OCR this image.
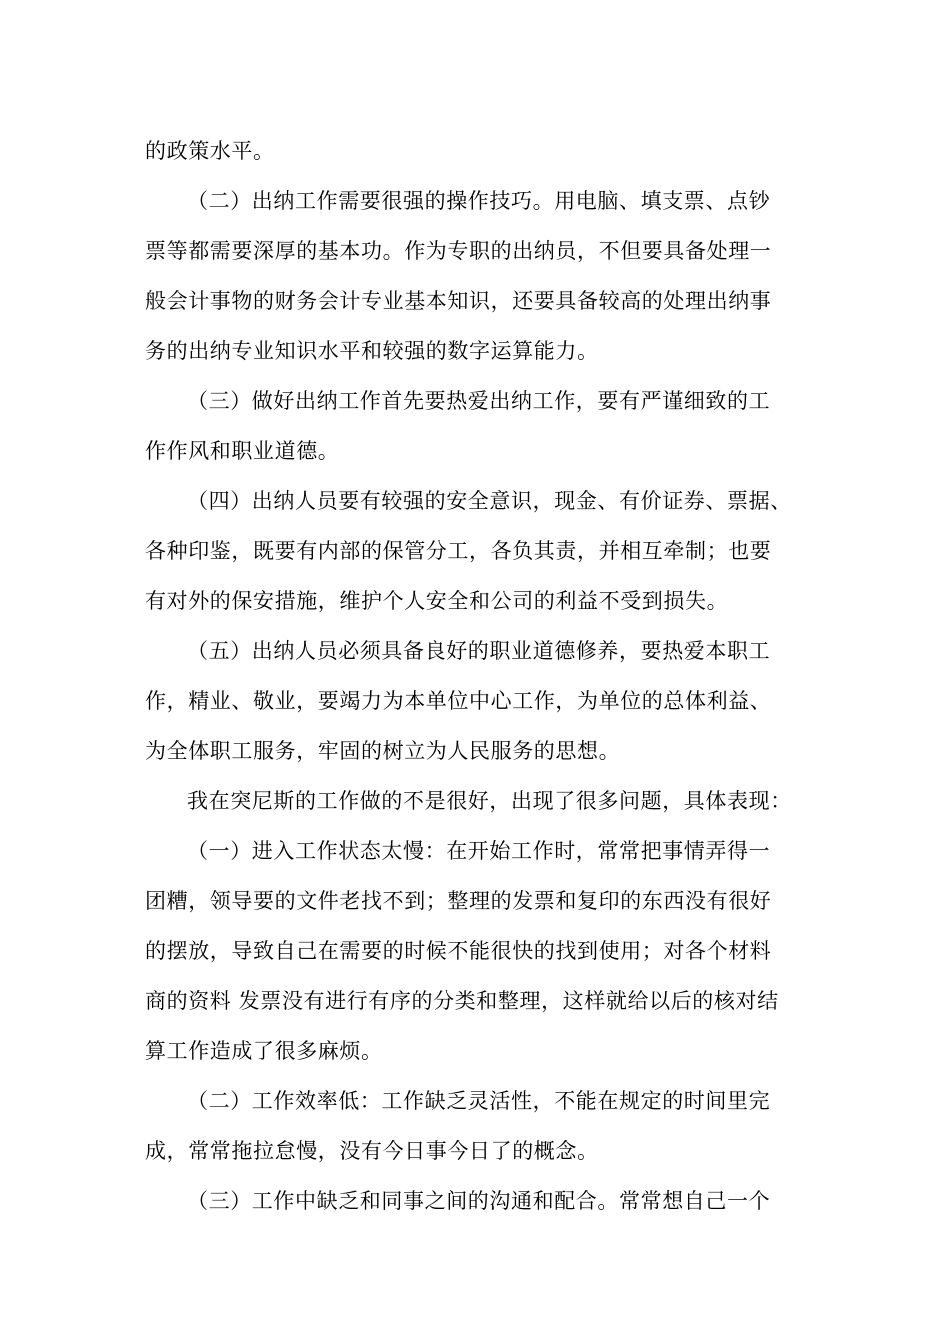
的政策水平。

（二）出纳工作需要很强的操作技巧。用电脑、填支票、点钞

票等都需要深厚的基本功。作为专职的出纳员，不但要具备处理一

般会计事物的财务会计专业基本知识，还要具备较高的处理出纳事

务的出纳专业知识水平和较强的数字运算能力。

（三）做好出纳工作首先要热爱出纳工作，要有严谨细致的工

作作风和职业道德。

（四）出纳人员要有较强的安全意识，现金、有价证券、票据、

各种印鉴，既要有内部的保管分工，各负其责，并相互牵制；也要

有对外的保安措施，维护个人安全和公司的利益不受到损失。

（五）出纳人员必须具备良好的职业道德修养，要热爱本职工

作，精业、敬业，要竭力为本单位中心工作，为单位的总体利益、

为全体职工服务，牢固的树立为人民服务的思想。

我在突尼斯的工作做的不是很好，出现了很多问题，具体表现：

（一）进入工作状态太慢：在开始工作时，常常把事情弄得一

团糟，领导要的文件老找不到；整理的发票和复印的东西没有很好

的摆放，导致自己在需要的时候不能很快的找到使用；对各个材料

商的资料 发票没有进行有序的分类和整理，这样就给以后的核对结

算工作造成了很多麻烦。

（二）工作效率低：工作缺乏灵活性，不能在规定的时间里完

成，常常拖拉怠慢，没有今日事今日了的概念。

（三）工作中缺乏和同事之间的沟通和配合。常常想自己一个
